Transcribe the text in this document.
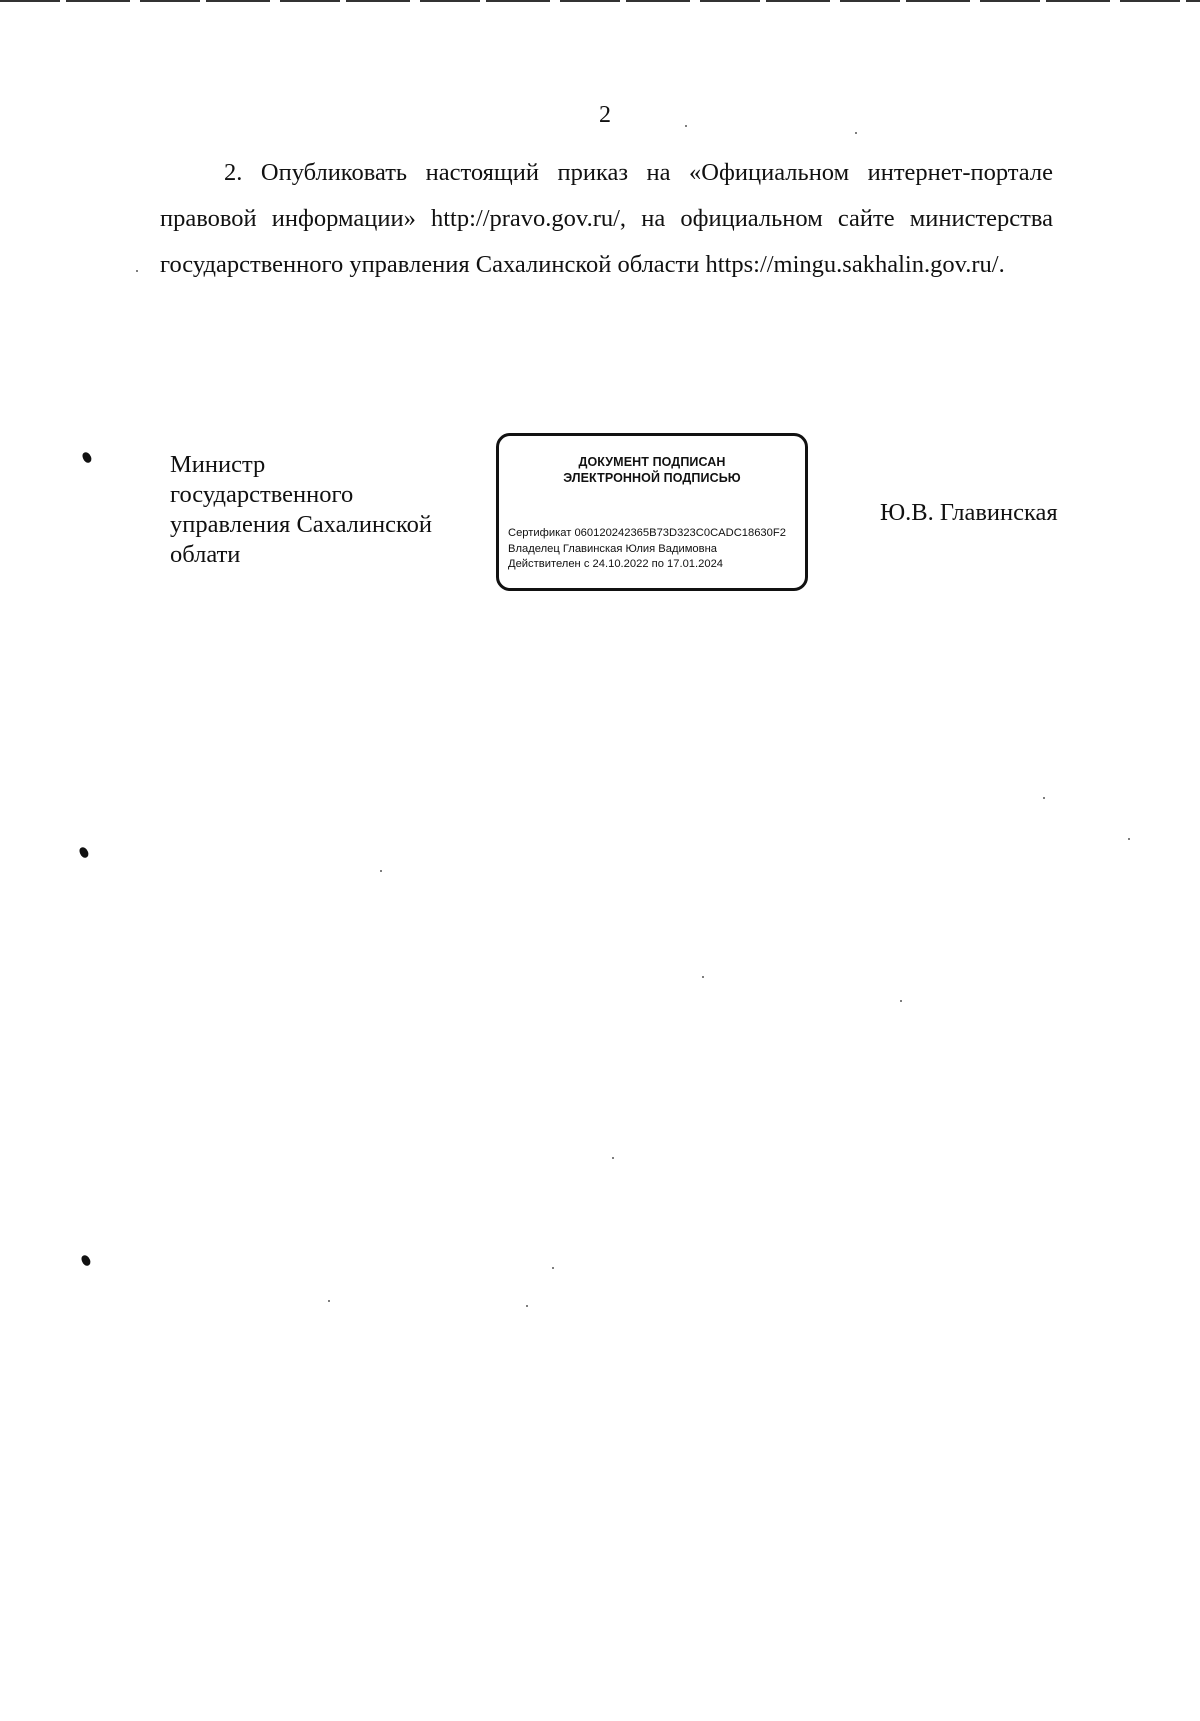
2

2. Опубликовать настоящий приказ на «Официальном интернет-портале правовой информации» http://pravo.gov.ru/, на официальном сайте министерства государственного управления Сахалинской области https://mingu.sakhalin.gov.ru/.

Министр
государственного
управления Сахалинской
облати
ДОКУМЕНТ ПОДПИСАН
ЭЛЕКТРОННОЙ ПОДПИСЬЮ
Сертификат 060120242365B73D323C0CADC18630F2
Владелец Главинская Юлия Вадимовна
Действителен с 24.10.2022 по 17.01.2024
Ю.В. Главинская
